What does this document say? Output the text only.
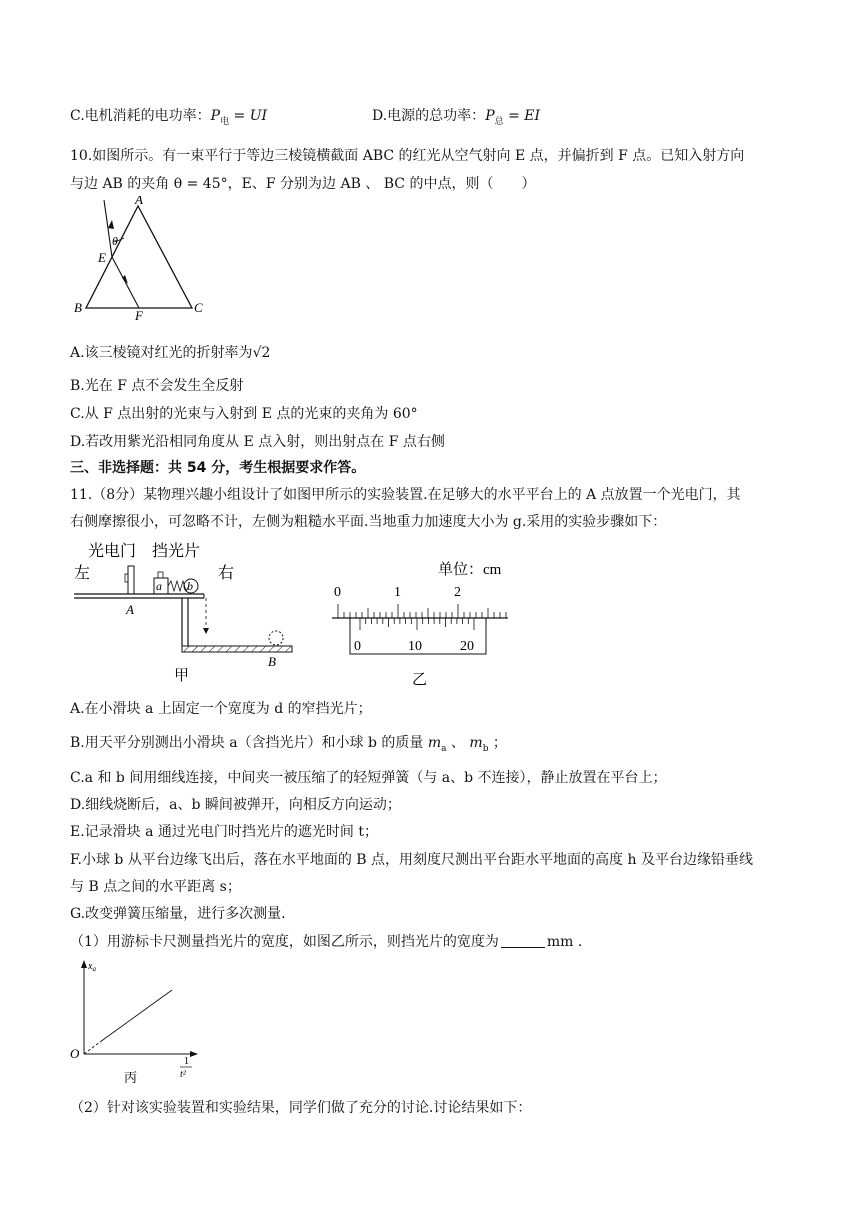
C.电机消耗的电功率：$P_电$ = UI	D.电源的总功率：$P_总$ = EI
10.如图所示。有一束平行于等边三棱镜横截面 ABC 的红光从空气射向 E 点，并偏折到 F 点。已知入射方向
与边 AB 的夹角 θ = 45°，E、F 分别为边 AB 、 BC 的中点，则（　　）
A
θ
E
B
F
C
A.该三棱镜对红光的折射率为√2
B.光在 F 点不会发生全反射
C.从 F 点出射的光束与入射到 E 点的光束的夹角为 60°
D.若改用紫光沿相同角度从 E 点入射，则出射点在 F 点右侧
三、非选择题：共 54 分，考生根据要求作答。
11.（8分）某物理兴趣小组设计了如图甲所示的实验装置.在足够大的水平平台上的 A 点放置一个光电门，其
右侧摩擦很小，可忽略不计，左侧为粗糙水平面.当地重力加速度大小为 g.采用的实验步骤如下：
光电门 挡光片
左	右
a b
A
B
甲
单位：cm
0	1	2
0	10	20
乙
A.在小滑块 a 上固定一个宽度为 d 的窄挡光片；
B.用天平分别测出小滑块 a（含挡光片）和小球 b 的质量 $m_a$ 、 $m_b$ ；
C.a 和 b 间用细线连接，中间夹一被压缩了的轻短弹簧（与 a、b 不连接），静止放置在平台上；
D.细线烧断后，a、b 瞬间被弹开，向相反方向运动；
E.记录滑块 a 通过光电门时挡光片的遮光时间 t；
F.小球 b 从平台边缘飞出后，落在水平地面的 B 点，用刻度尺测出平台距水平地面的高度 h 及平台边缘铅垂线
与 B 点之间的水平距离 s；
G.改变弹簧压缩量，进行多次测量.
（1）用游标卡尺测量挡光片的宽度，如图乙所示，则挡光片的宽度为	mm .
$x_a$
O
1
t²
丙
（2）针对该实验装置和实验结果，同学们做了充分的讨论.讨论结果如下：
